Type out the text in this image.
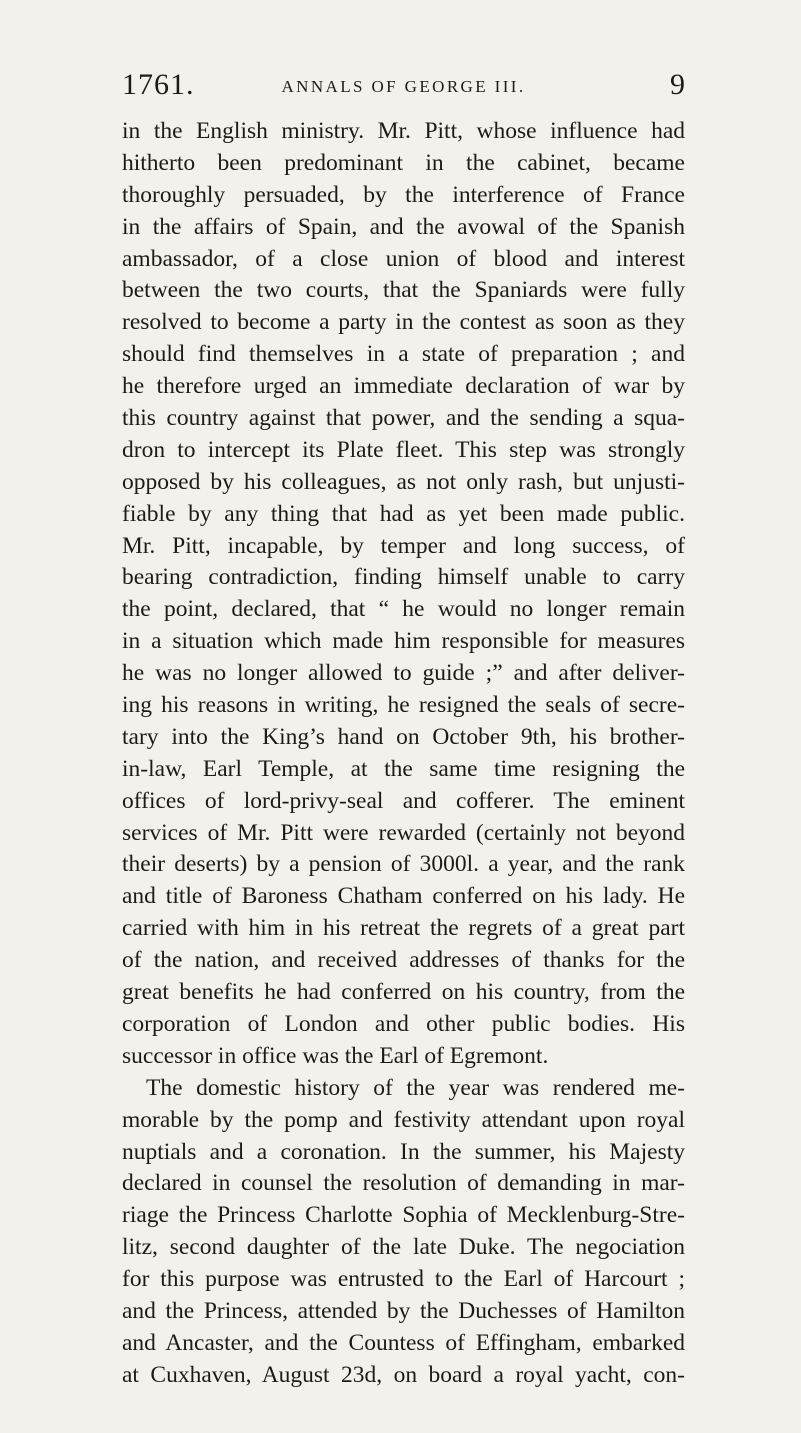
1761.	ANNALS OF GEORGE III.	9
in the English ministry. Mr. Pitt, whose influence had
hitherto been predominant in the cabinet, became
thoroughly persuaded, by the interference of France
in the affairs of Spain, and the avowal of the Spanish
ambassador, of a close union of blood and interest
between the two courts, that the Spaniards were fully
resolved to become a party in the contest as soon as they
should find themselves in a state of preparation ; and
he therefore urged an immediate declaration of war by
this country against that power, and the sending a squa-
dron to intercept its Plate fleet. This step was strongly
opposed by his colleagues, as not only rash, but unjusti-
fiable by any thing that had as yet been made public.
Mr. Pitt, incapable, by temper and long success, of
bearing contradiction, finding himself unable to carry
the point, declared, that “ he would no longer remain
in a situation which made him responsible for measures
he was no longer allowed to guide ;” and after deliver-
ing his reasons in writing, he resigned the seals of secre-
tary into the King’s hand on October 9th, his brother-
in-law, Earl Temple, at the same time resigning the
offices of lord-privy-seal and cofferer. The eminent
services of Mr. Pitt were rewarded (certainly not beyond
their deserts) by a pension of 3000l. a year, and the rank
and title of Baroness Chatham conferred on his lady. He
carried with him in his retreat the regrets of a great part
of the nation, and received addresses of thanks for the
great benefits he had conferred on his country, from the
corporation of London and other public bodies. His
successor in office was the Earl of Egremont.
The domestic history of the year was rendered me-
morable by the pomp and festivity attendant upon royal
nuptials and a coronation. In the summer, his Majesty
declared in counsel the resolution of demanding in mar-
riage the Princess Charlotte Sophia of Mecklenburg-Stre-
litz, second daughter of the late Duke. The negociation
for this purpose was entrusted to the Earl of Harcourt ;
and the Princess, attended by the Duchesses of Hamilton
and Ancaster, and the Countess of Effingham, embarked
at Cuxhaven, August 23d, on board a royal yacht, con-
